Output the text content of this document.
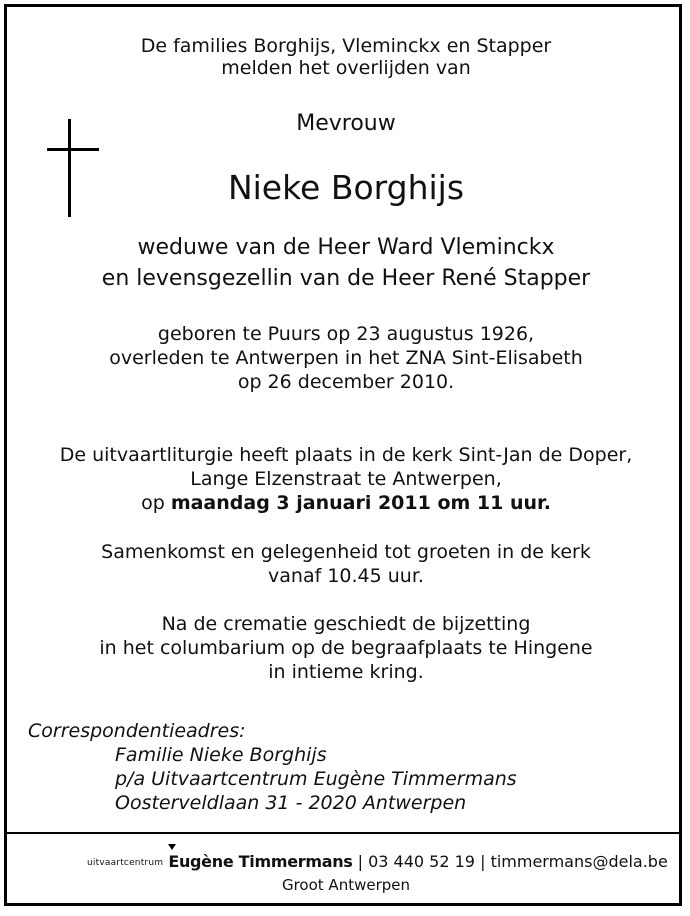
De families Borghijs, Vleminckx en Stapper
melden het overlijden van
Mevrouw
Nieke Borghijs
weduwe van de Heer Ward Vleminckx
en levensgezellin van de Heer René Stapper
geboren te Puurs op 23 augustus 1926,
overleden te Antwerpen in het ZNA Sint-Elisabeth
op 26 december 2010.
De uitvaartliturgie heeft plaats in de kerk Sint-Jan de Doper,
Lange Elzenstraat te Antwerpen,
op maandag 3 januari 2011 om 11 uur.
Samenkomst en gelegenheid tot groeten in de kerk
vanaf 10.45 uur.
Na de crematie geschiedt de bijzetting
in het columbarium op de begraafplaats te Hingene
in intieme kring.
Correspondentieadres:
Familie Nieke Borghijs
p/a Uitvaartcentrum Eugène Timmermans
Oosterveldlaan 31 - 2020 Antwerpen
uitvaartcentrum Eugène Timmermans | 03 440 52 19 | timmermans@dela.be
Groot Antwerpen
